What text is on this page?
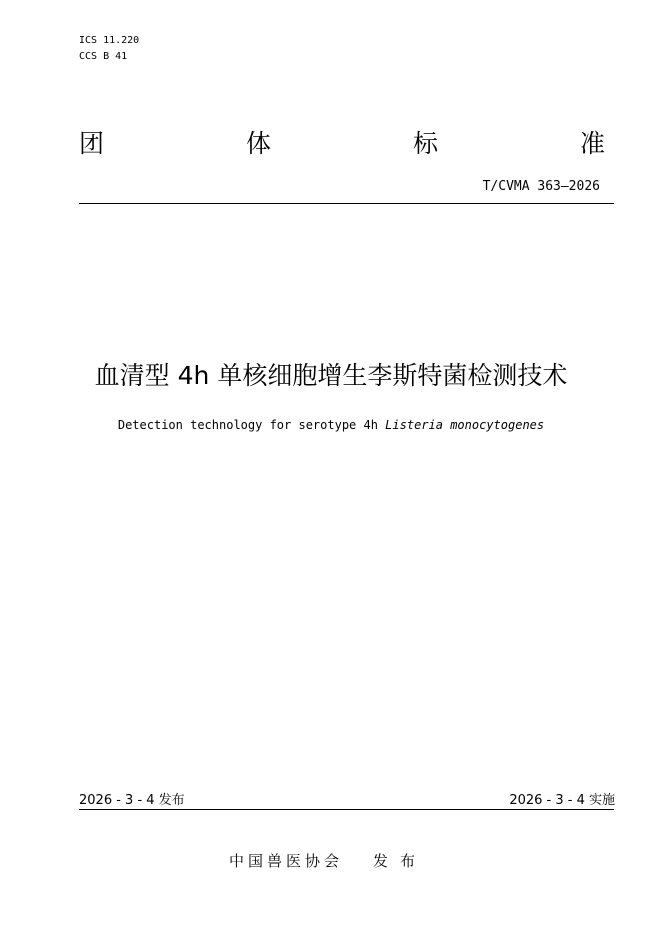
ICS 11.220
CCS B 41
团	体	标	准
T/CVMA 363—2026
血清型 4h 单核细胞增生李斯特菌检测技术
Detection technology for serotype 4h Listeria monocytogenes
2026 - 3 - 4 发布	2026 - 3 - 4 实施
中国兽医协会 发布
